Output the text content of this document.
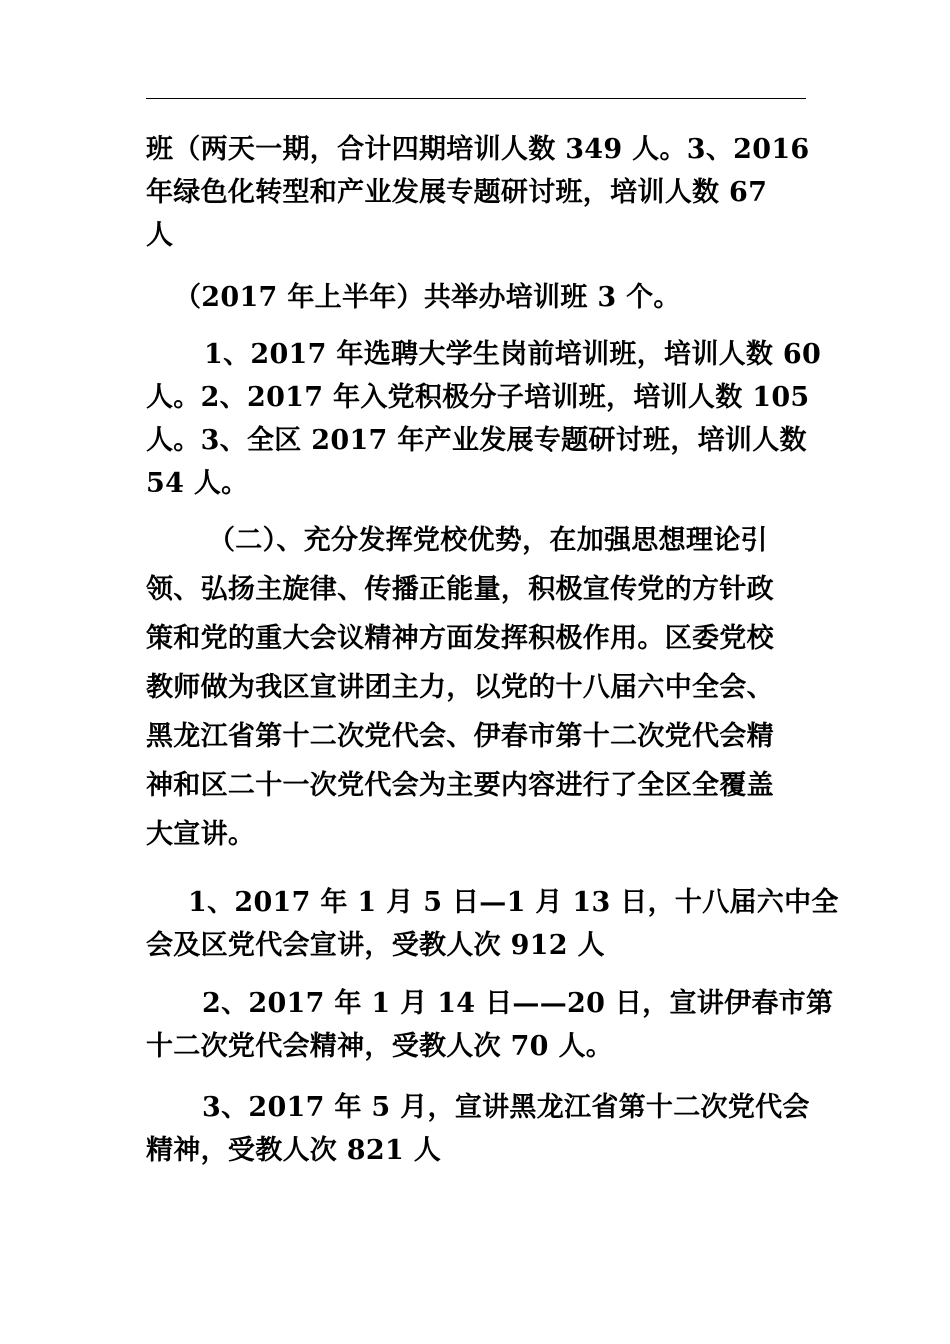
班（两天一期，合计四期培训人数 349 人。3、2016
年绿色化转型和产业发展专题研讨班，培训人数 67
人

（2017 年上半年）共举办培训班 3 个。

1、2017 年选聘大学生岗前培训班，培训人数 60
人。2、2017 年入党积极分子培训班，培训人数 105
人。3、全区 2017 年产业发展专题研讨班，培训人数
54 人。

（二）、充分发挥党校优势，在加强思想理论引
领、弘扬主旋律、传播正能量，积极宣传党的方针政
策和党的重大会议精神方面发挥积极作用。区委党校
教师做为我区宣讲团主力，以党的十八届六中全会、
黑龙江省第十二次党代会、伊春市第十二次党代会精
神和区二十一次党代会为主要内容进行了全区全覆盖
大宣讲。

1、2017 年 1 月 5 日—1 月 13 日，十八届六中全
会及区党代会宣讲，受教人次 912 人

2、2017 年 1 月 14 日——20 日，宣讲伊春市第
十二次党代会精神，受教人次 70 人。

3、2017 年 5 月，宣讲黑龙江省第十二次党代会
精神，受教人次 821 人
